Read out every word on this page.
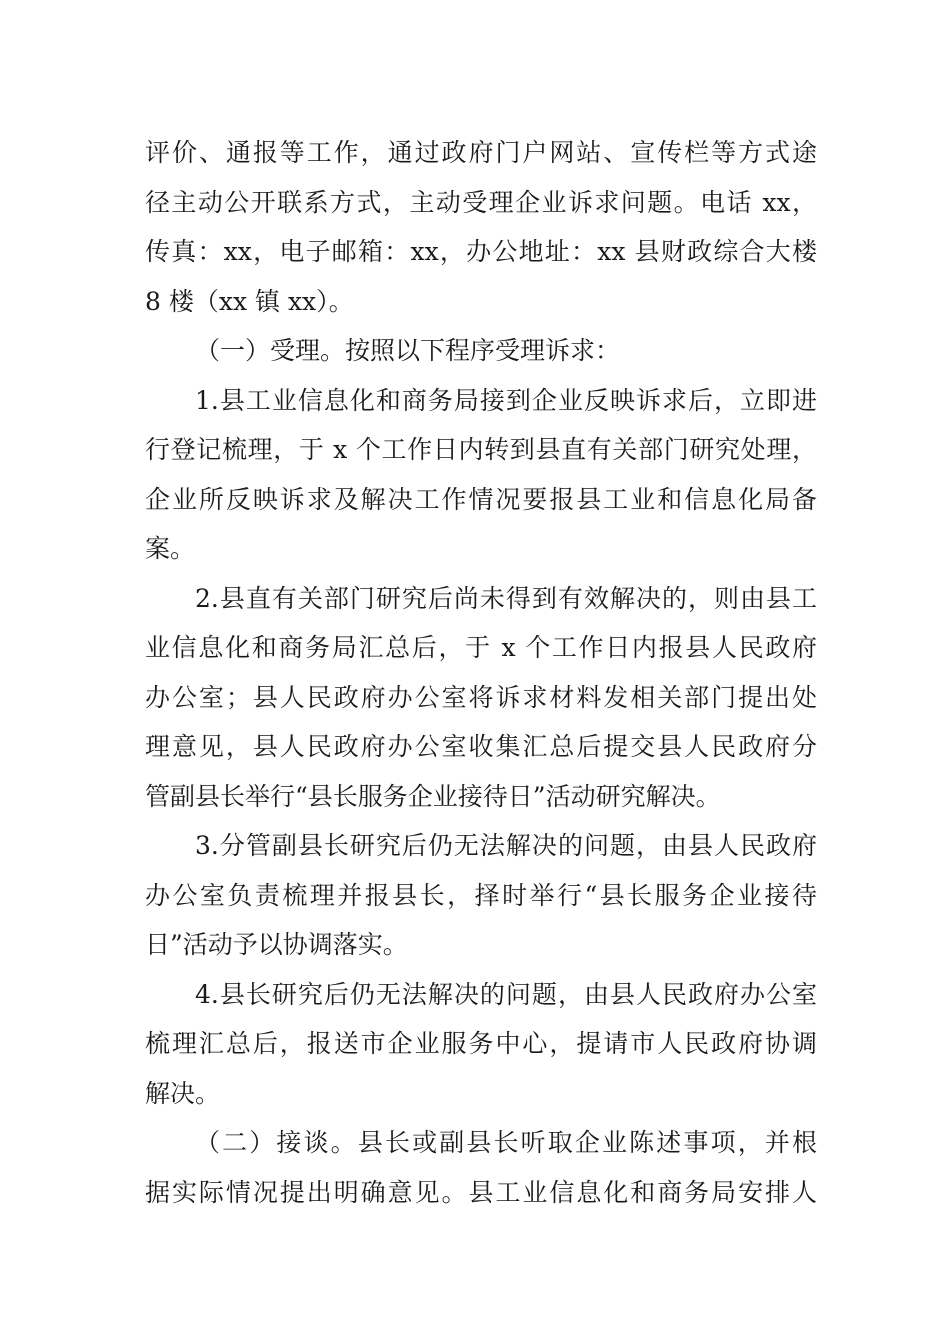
评价、通报等工作，通过政府门户网站、宣传栏等方式途
径主动公开联系方式，主动受理企业诉求问题。电话 xx，
传真：xx，电子邮箱：xx，办公地址：xx 县财政综合大楼
8 楼（xx 镇 xx）。
（一）受理。按照以下程序受理诉求：
1.县工业信息化和商务局接到企业反映诉求后，立即进
行登记梳理，于 x 个工作日内转到县直有关部门研究处理，
企业所反映诉求及解决工作情况要报县工业和信息化局备
案。
2.县直有关部门研究后尚未得到有效解决的，则由县工
业信息化和商务局汇总后，于 x 个工作日内报县人民政府
办公室；县人民政府办公室将诉求材料发相关部门提出处
理意见，县人民政府办公室收集汇总后提交县人民政府分
管副县长举行“县长服务企业接待日”活动研究解决。
3.分管副县长研究后仍无法解决的问题，由县人民政府
办公室负责梳理并报县长，择时举行“县长服务企业接待
日”活动予以协调落实。
4.县长研究后仍无法解决的问题，由县人民政府办公室
梳理汇总后，报送市企业服务中心，提请市人民政府协调
解决。
（二）接谈。县长或副县长听取企业陈述事项，并根
据实际情况提出明确意见。县工业信息化和商务局安排人
